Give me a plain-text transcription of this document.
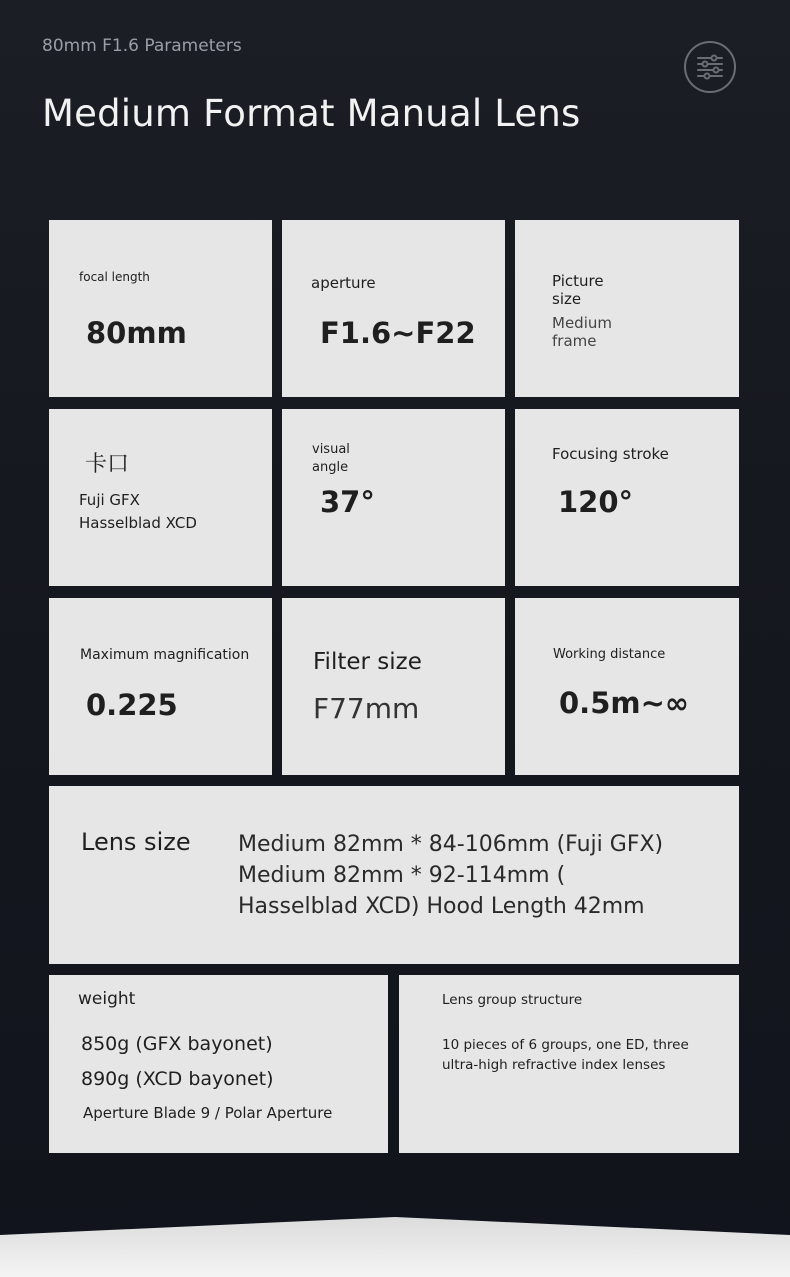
80mm F1.6 Parameters
Medium Format Manual Lens
focal length
80mm
aperture
F1.6~F22
Picture
size
Medium
frame
卡口
Fuji GFX
Hasselblad XCD
visual
angle
37°
Focusing stroke
120°
Maximum magnification
0.225
Filter size
F77mm
Working distance
0.5m~∞
Lens size Medium 82mm * 84-106mm (Fuji GFX)
Medium 82mm * 92-114mm (
Hasselblad XCD) Hood Length 42mm
weight
850g (GFX bayonet)
890g (XCD bayonet)
Aperture Blade 9 / Polar Aperture
Lens group structure
10 pieces of 6 groups, one ED, three
ultra-high refractive index lenses
